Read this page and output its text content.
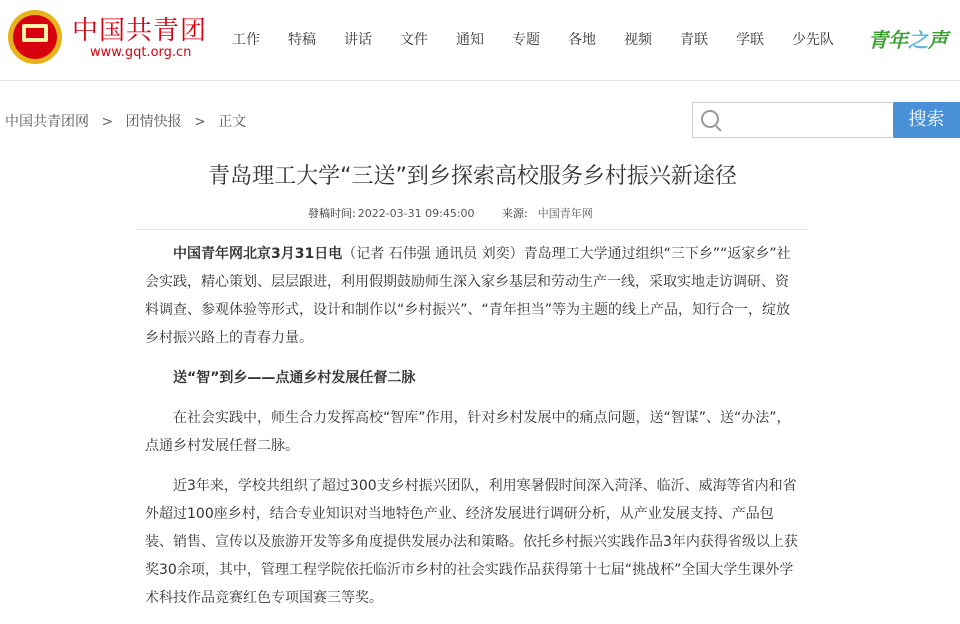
中国共青团
www.gqt.org.cn
工作 特稿 讲话 文件 通知 专题 各地 视频 青联 学联 少先队 青年之声
中国共青团网 > 团情快报 > 正文	搜索
青岛理工大学“三送”到乡探索高校服务乡村振兴新途径
發稿时间: 2022-03-31 09:45:00	来源: 中国青年网

中国青年网北京3月31日电（记者 石伟强 通讯员 刘奕）青岛理工大学通过组织“三下乡”“返家乡”社会实践，精心策划、层层跟进，利用假期鼓励师生深入家乡基层和劳动生产一线，采取实地走访调研、资料调查、参观体验等形式，设计和制作以“乡村振兴”、“青年担当”等为主题的线上产品，知行合一，绽放乡村振兴路上的青春力量。

送“智”到乡——点通乡村发展任督二脉

在社会实践中，师生合力发挥高校“智库”作用，针对乡村发展中的痛点问题，送“智谋”、送“办法”，点通乡村发展任督二脉。

近3年来，学校共组织了超过300支乡村振兴团队，利用寒暑假时间深入菏泽、临沂、威海等省内和省外超过100座乡村，结合专业知识对当地特色产业、经济发展进行调研分析，从产业发展支持、产品包装、销售、宣传以及旅游开发等多角度提供发展办法和策略。依托乡村振兴实践作品3年内获得省级以上获奖30余项，其中，管理工程学院依托临沂市乡村的社会实践作品获得第十七届“挑战杯”全国大学生课外学术科技作品竞赛红色专项国赛三等奖。
